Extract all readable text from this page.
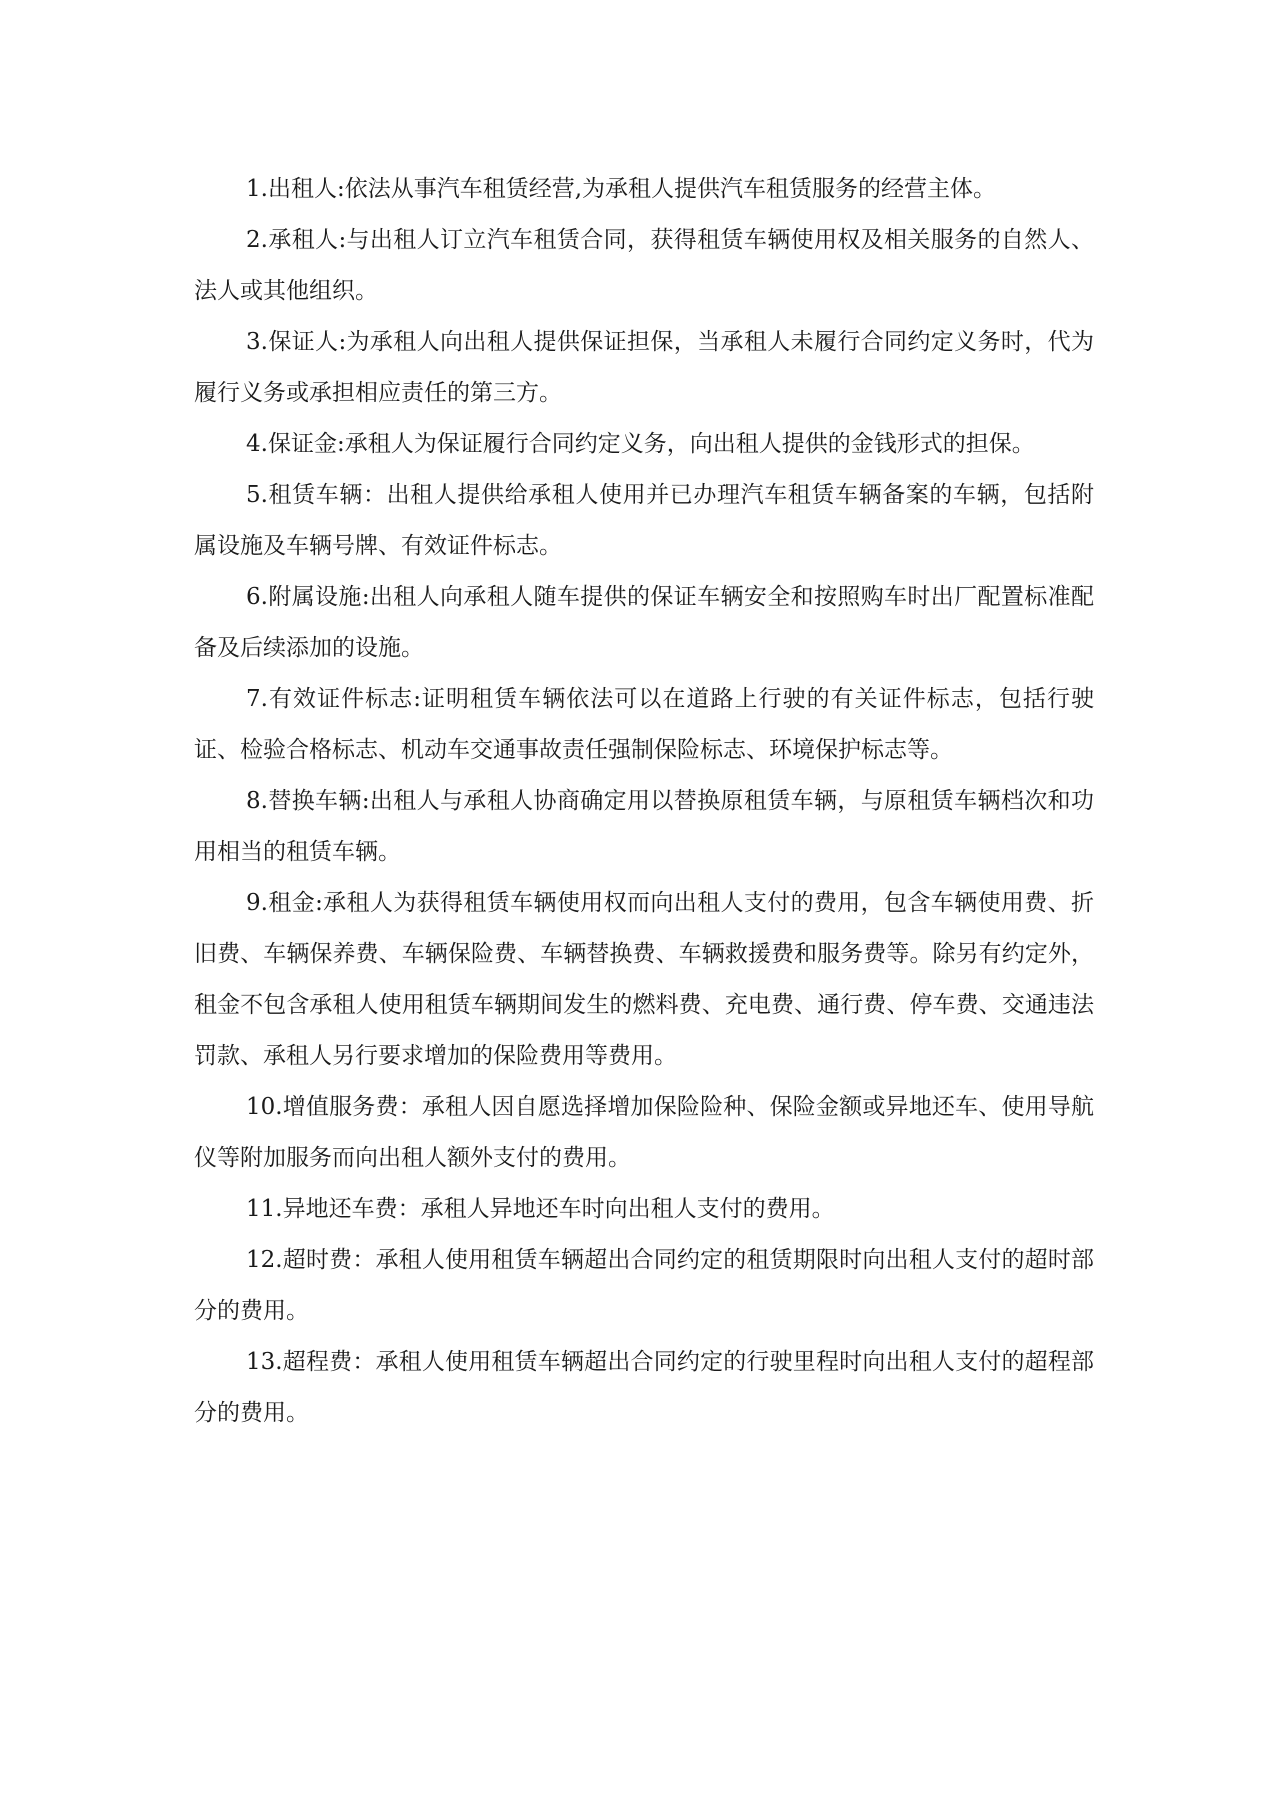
1.出租人:依法从事汽车租赁经营,为承租人提供汽车租赁服务的经营主体。

2.承租人:与出租人订立汽车租赁合同，获得租赁车辆使用权及相关服务的自然人、法人或其他组织。

3.保证人:为承租人向出租人提供保证担保，当承租人未履行合同约定义务时，代为履行义务或承担相应责任的第三方。

4.保证金:承租人为保证履行合同约定义务，向出租人提供的金钱形式的担保。

5.租赁车辆：出租人提供给承租人使用并已办理汽车租赁车辆备案的车辆，包括附属设施及车辆号牌、有效证件标志。

6.附属设施:出租人向承租人随车提供的保证车辆安全和按照购车时出厂配置标准配备及后续添加的设施。

7.有效证件标志:证明租赁车辆依法可以在道路上行驶的有关证件标志，包括行驶证、检验合格标志、机动车交通事故责任强制保险标志、环境保护标志等。

8.替换车辆:出租人与承租人协商确定用以替换原租赁车辆，与原租赁车辆档次和功用相当的租赁车辆。

9.租金:承租人为获得租赁车辆使用权而向出租人支付的费用，包含车辆使用费、折旧费、车辆保养费、车辆保险费、车辆替换费、车辆救援费和服务费等。除另有约定外，租金不包含承租人使用租赁车辆期间发生的燃料费、充电费、通行费、停车费、交通违法罚款、承租人另行要求增加的保险费用等费用。

10.增值服务费：承租人因自愿选择增加保险险种、保险金额或异地还车、使用导航仪等附加服务而向出租人额外支付的费用。

11.异地还车费：承租人异地还车时向出租人支付的费用。

12.超时费：承租人使用租赁车辆超出合同约定的租赁期限时向出租人支付的超时部分的费用。

13.超程费：承租人使用租赁车辆超出合同约定的行驶里程时向出租人支付的超程部分的费用。
